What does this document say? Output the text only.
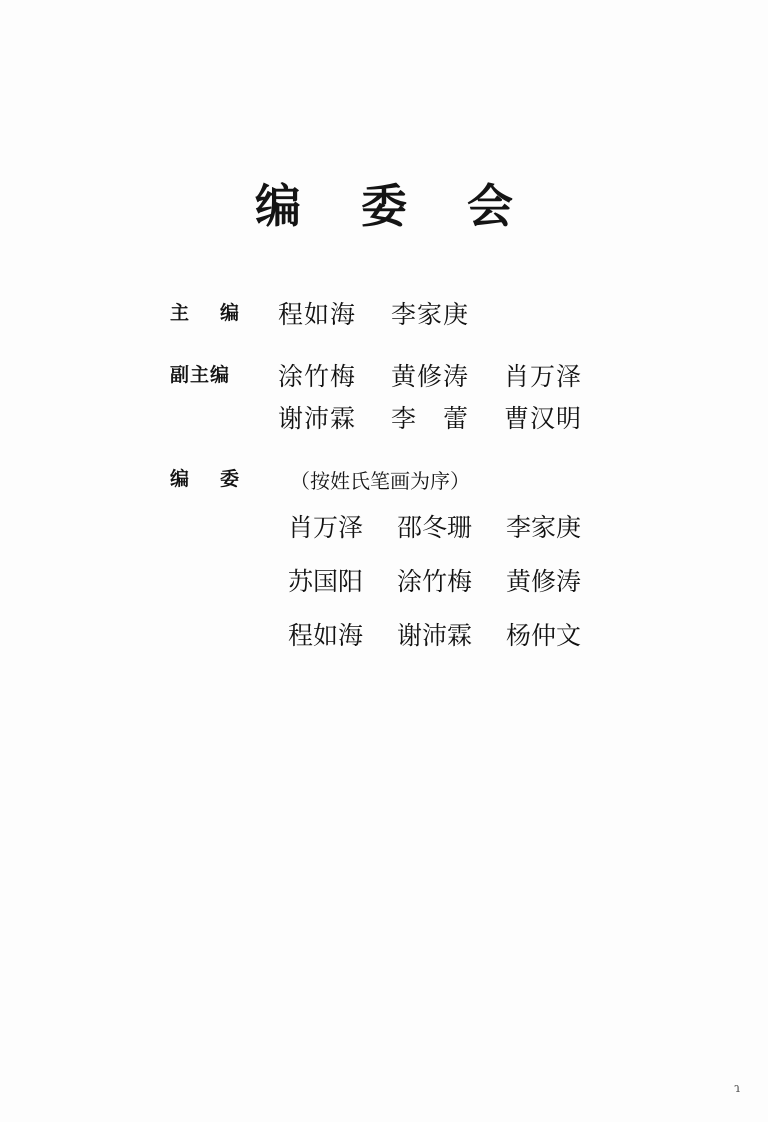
编 委 会
主　编	程如海 李家庚
副主编	涂竹梅 黄修涛 肖万泽
谢沛霖 李　蕾 曹汉明
编　委	（按姓氏笔画为序）
肖万泽 邵冬珊 李家庚
苏国阳 涂竹梅 黄修涛
程如海 谢沛霖 杨仲文
ɿ
